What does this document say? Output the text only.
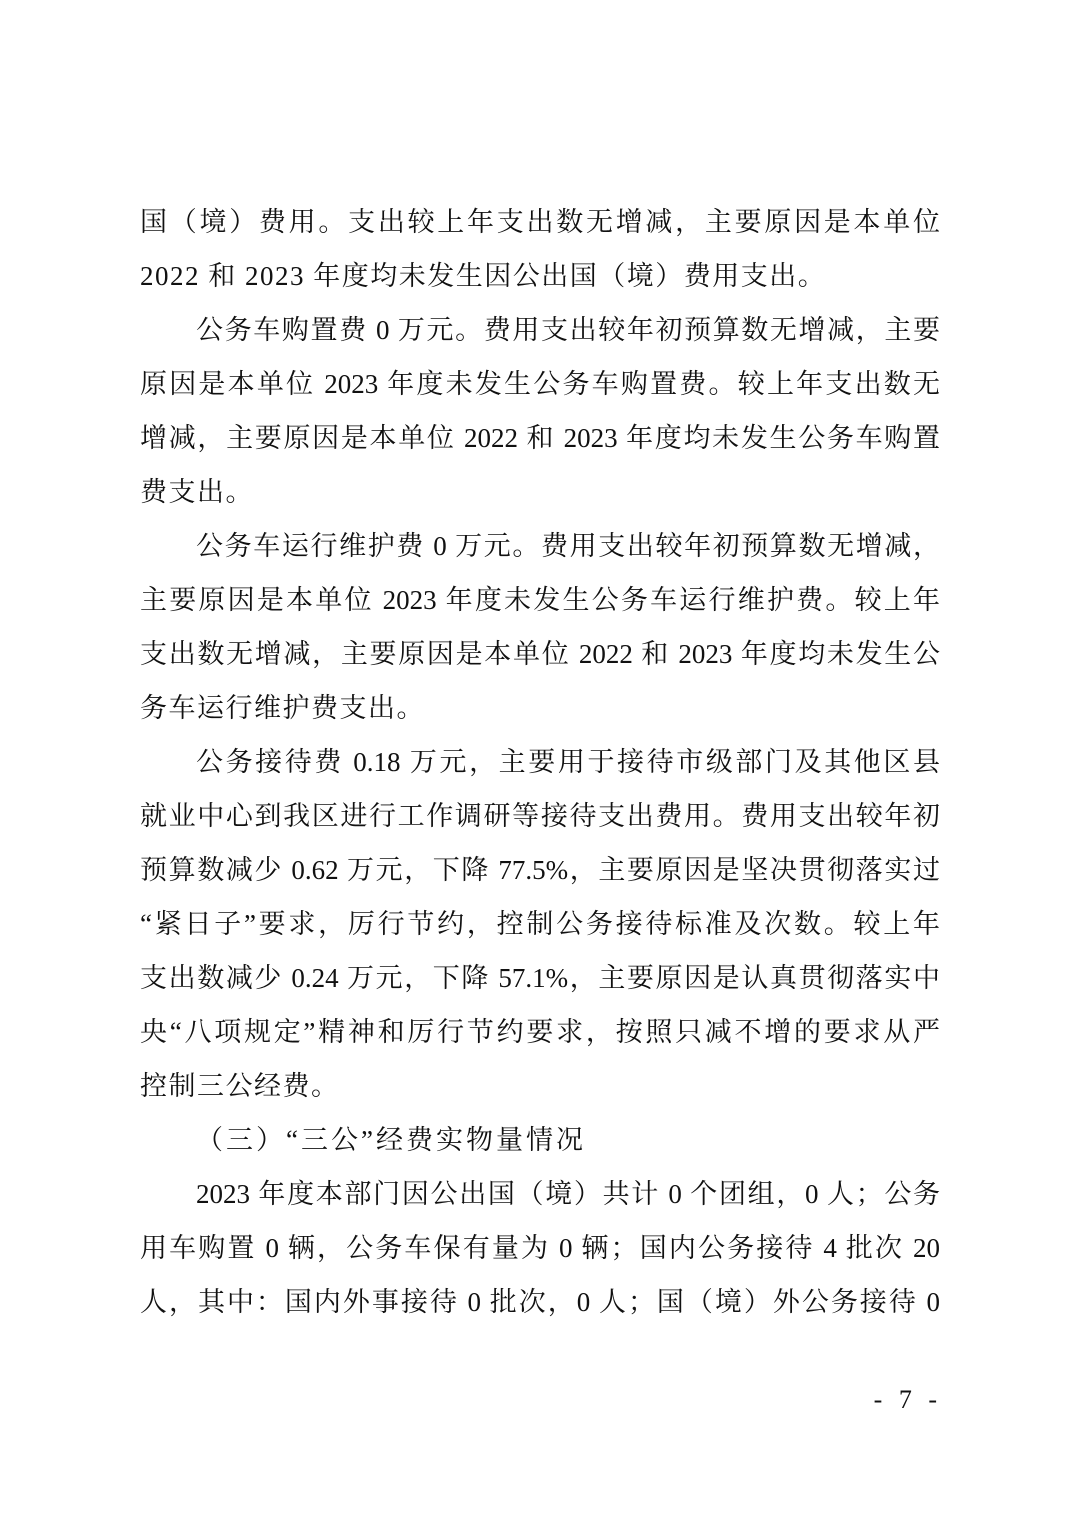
国（境）费用。支出较上年支出数无增减，主要原因是本单位
2022 和 2023 年度均未发生因公出国（境）费用支出。
公务车购置费 0 万元。费用支出较年初预算数无增减，主要
原因是本单位 2023 年度未发生公务车购置费。较上年支出数无
增减，主要原因是本单位 2022 和 2023 年度均未发生公务车购置
费支出。
公务车运行维护费 0 万元。费用支出较年初预算数无增减，
主要原因是本单位 2023 年度未发生公务车运行维护费。较上年
支出数无增减，主要原因是本单位 2022 和 2023 年度均未发生公
务车运行维护费支出。
公务接待费 0.18 万元，主要用于接待市级部门及其他区县
就业中心到我区进行工作调研等接待支出费用。费用支出较年初
预算数减少 0.62 万元，下降 77.5%，主要原因是坚决贯彻落实过
“紧日子”要求，厉行节约，控制公务接待标准及次数。较上年
支出数减少 0.24 万元，下降 57.1%，主要原因是认真贯彻落实中
央“八项规定”精神和厉行节约要求，按照只减不增的要求从严
控制三公经费。
（三）“三公”经费实物量情况
2023 年度本部门因公出国（境）共计 0 个团组，0 人；公务
用车购置 0 辆，公务车保有量为 0 辆；国内公务接待 4 批次 20
人，其中：国内外事接待 0 批次，0 人；国（境）外公务接待 0
- 7 -
